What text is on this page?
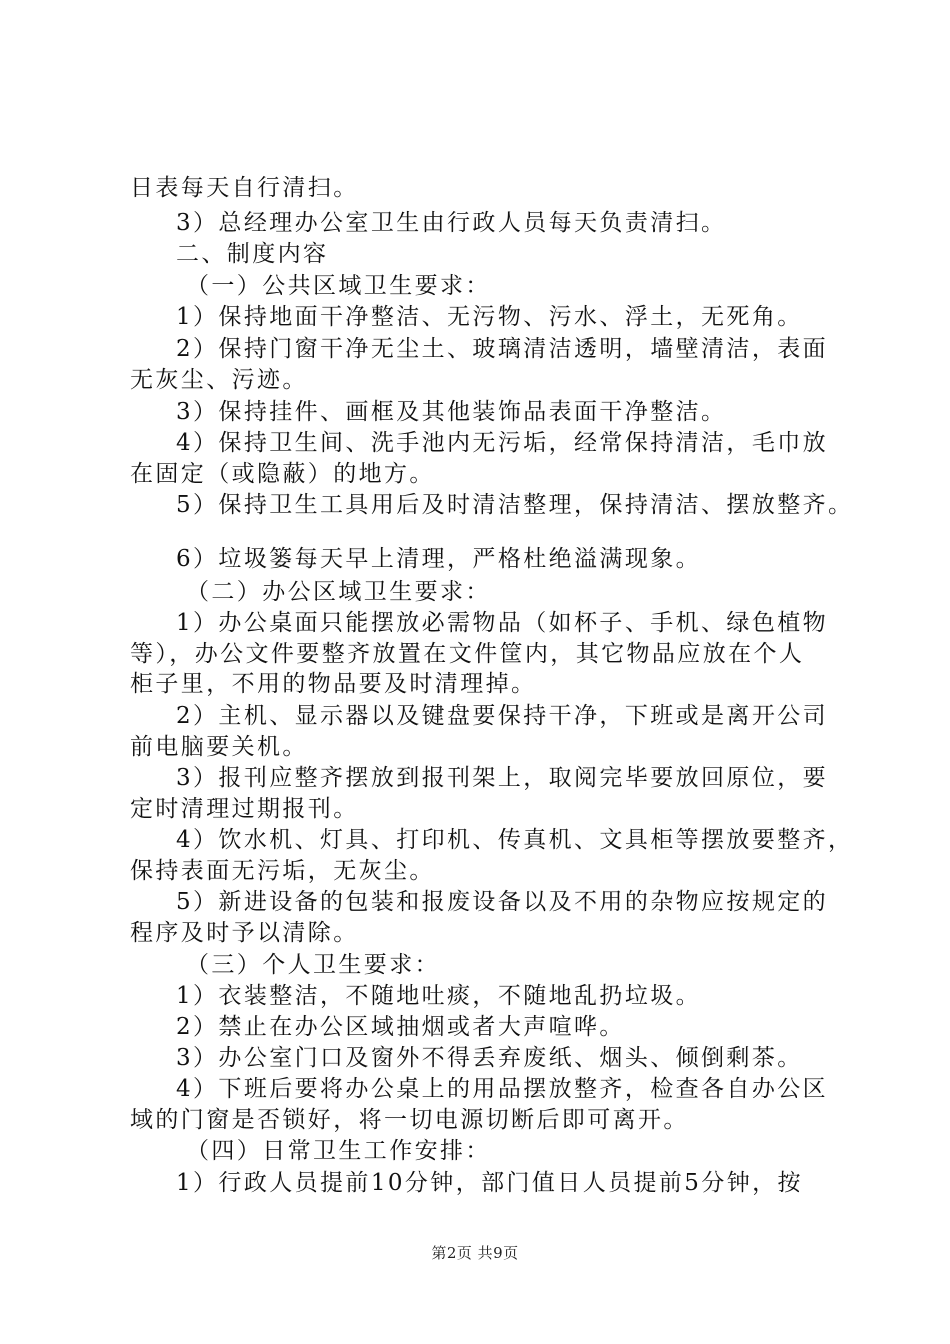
日表每天自行清扫。
3）总经理办公室卫生由行政人员每天负责清扫。
二、制度内容
（一）公共区域卫生要求：
1）保持地面干净整洁、无污物、污水、浮土，无死角。
2）保持门窗干净无尘土、玻璃清洁透明，墙壁清洁，表面
无灰尘、污迹。
3）保持挂件、画框及其他装饰品表面干净整洁。
4）保持卫生间、洗手池内无污垢，经常保持清洁，毛巾放
在固定（或隐蔽）的地方。
5）保持卫生工具用后及时清洁整理，保持清洁、摆放整齐。
6）垃圾篓每天早上清理，严格杜绝溢满现象。
（二）办公区域卫生要求：
1）办公桌面只能摆放必需物品（如杯子、手机、绿色植物
等），办公文件要整齐放置在文件筐内，其它物品应放在个人
柜子里，不用的物品要及时清理掉。
2）主机、显示器以及键盘要保持干净，下班或是离开公司
前电脑要关机。
3）报刊应整齐摆放到报刊架上，取阅完毕要放回原位，要
定时清理过期报刊。
4）饮水机、灯具、打印机、传真机、文具柜等摆放要整齐，
保持表面无污垢，无灰尘。
5）新进设备的包装和报废设备以及不用的杂物应按规定的
程序及时予以清除。
（三）个人卫生要求：
1）衣装整洁，不随地吐痰，不随地乱扔垃圾。
2）禁止在办公区域抽烟或者大声喧哗。
3）办公室门口及窗外不得丢弃废纸、烟头、倾倒剩茶。
4）下班后要将办公桌上的用品摆放整齐，检查各自办公区
域的门窗是否锁好，将一切电源切断后即可离开。
（四）日常卫生工作安排：
1）行政人员提前10分钟，部门值日人员提前5分钟，按
第2页 共9页
